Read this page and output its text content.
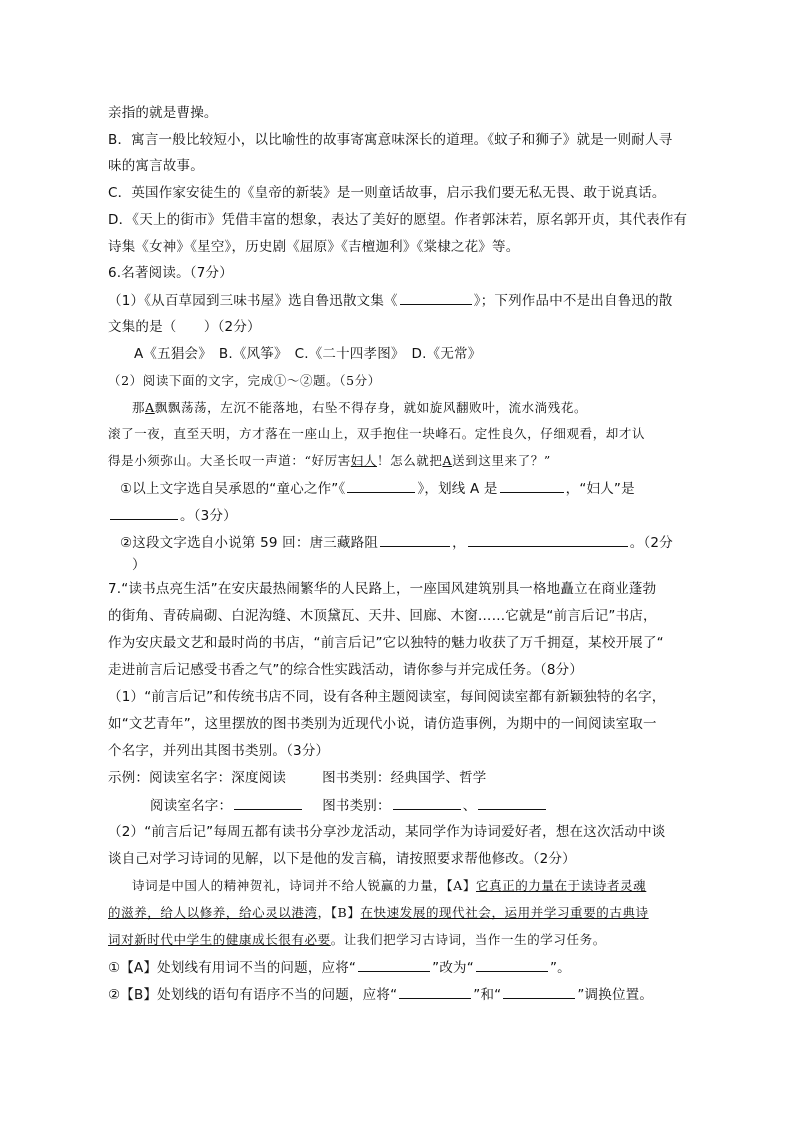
亲指的就是曹操。
B．寓言一般比较短小，以比喻性的故事寄寓意味深长的道理。《蚊子和狮子》就是一则耐人寻
味的寓言故事。
C．英国作家安徒生的《皇帝的新装》是一则童话故事，启示我们要无私无畏、敢于说真话。
D．《天上的街市》凭借丰富的想象，表达了美好的愿望。作者郭沫若，原名郭开贞，其代表作有
诗集《女神》《星空》，历史剧《屈原》《吉檀迦利》《棠棣之花》等。
6.名著阅读。（7分）
（1）《从百草园到三味书屋》选自鲁迅散文集《	》；下列作品中不是出自鲁迅的散
文集的是（　　）（2分）
A《五猖会》　B.《风筝》　C.《二十四孝图》　D.《无常》
（2）阅读下面的文字，完成①～②题。（5分）
那A飘飘荡荡，左沉不能落地，右坠不得存身，就如旋风翻败叶，流水淌残花。
滚了一夜，直至天明，方才落在一座山上，双手抱住一块峰石。定性良久，仔细观看，却才认
得是小须弥山。大圣长叹一声道：“好厉害妇人！怎么就把A送到这里来了？”
①以上文字选自吴承恩的“童心之作”《	》，划线 A 是	，“妇人”是
。（3分）
②这段文字选自小说第 59 回：唐三藏路阻	，	。（2分
）
7.“读书点亮生活”在安庆最热闹繁华的人民路上，一座国风建筑别具一格地矗立在商业蓬勃
的街角、青砖扁砌、白泥沟缝、木顶黛瓦、天井、回廊、木窗……它就是“前言后记”书店，
作为安庆最文艺和最时尚的书店，“前言后记”它以独特的魅力收获了万千拥趸，某校开展了“
走进前言后记感受书香之气”的综合性实践活动，请你参与并完成任务。（8分）
（1）“前言后记”和传统书店不同，设有各种主题阅读室，每间阅读室都有新颖独特的名字，
如“文艺青年”，这里摆放的图书类别为近现代小说，请仿造事例，为期中的一间阅读室取一
个名字，并列出其图书类别。（3分）
示例：阅读室名字：深度阅读	图书类别：经典国学、哲学
阅读室名字：	图书类别：	、
（2）“前言后记”每周五都有读书分享沙龙活动，某同学作为诗词爱好者，想在这次活动中谈
谈自己对学习诗词的见解，以下是他的发言稿，请按照要求帮他修改。（2分）
诗词是中国人的精神贺礼，诗词并不给人锐赢的力量，【A】它真正的力量在于读诗者灵魂
的滋养，给人以修养，给心灵以港湾，【B】在快速发展的现代社会，运用并学习重要的古典诗
词对新时代中学生的健康成长很有必要。让我们把学习古诗词，当作一生的学习任务。
①【A】处划线有用词不当的问题，应将“	”改为“	”。
②【B】处划线的语句有语序不当的问题，应将“	”和“	”调换位置。
